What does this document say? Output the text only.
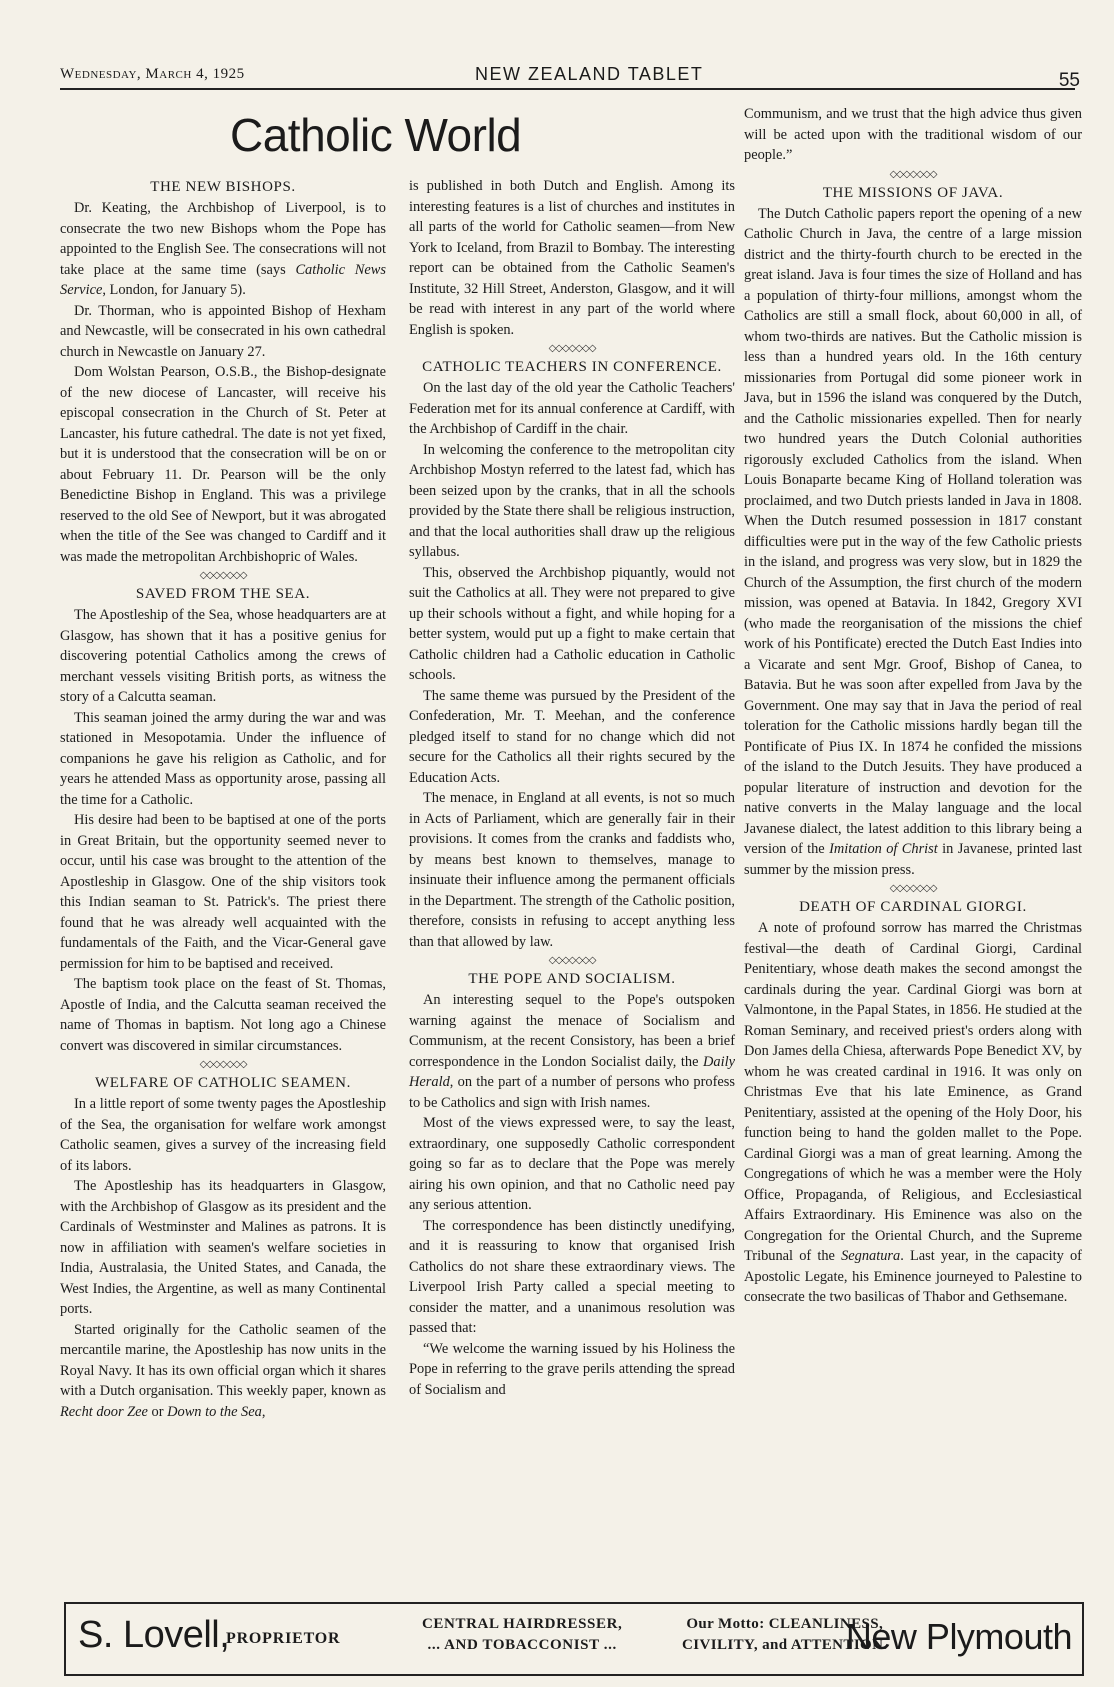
Wednesday, March 4, 1925	NEW ZEALAND TABLET	55
Catholic World
THE NEW BISHOPS.

Dr. Keating, the Archbishop of Liverpool, is to consecrate the two new Bishops whom the Pope has appointed to the English See. The consecrations will not take place at the same time (says Catholic News Service, London, for January 5).

Dr. Thorman, who is appointed Bishop of Hexham and Newcastle, will be consecrated in his own cathedral church in Newcastle on January 27.

Dom Wolstan Pearson, O.S.B., the Bishop-designate of the new diocese of Lancaster, will receive his episcopal consecration in the Church of St. Peter at Lancaster, his future cathedral. The date is not yet fixed, but it is understood that the consecration will be on or about February 11. Dr. Pearson will be the only Benedictine Bishop in England. This was a privilege reserved to the old See of Newport, but it was abrogated when the title of the See was changed to Cardiff and it was made the metropolitan Archbishopric of Wales.

◇◇◇◇◇◇◇
SAVED FROM THE SEA.

The Apostleship of the Sea, whose headquarters are at Glasgow, has shown that it has a positive genius for discovering potential Catholics among the crews of merchant vessels visiting British ports, as witness the story of a Calcutta seaman.

This seaman joined the army during the war and was stationed in Mesopotamia. Under the influence of companions he gave his religion as Catholic, and for years he attended Mass as opportunity arose, passing all the time for a Catholic.

His desire had been to be baptised at one of the ports in Great Britain, but the opportunity seemed never to occur, until his case was brought to the attention of the Apostleship in Glasgow. One of the ship visitors took this Indian seaman to St. Patrick's. The priest there found that he was already well acquainted with the fundamentals of the Faith, and the Vicar-General gave permission for him to be baptised and received.

The baptism took place on the feast of St. Thomas, Apostle of India, and the Calcutta seaman received the name of Thomas in baptism. Not long ago a Chinese convert was discovered in similar circumstances.

◇◇◇◇◇◇◇
WELFARE OF CATHOLIC SEAMEN.

In a little report of some twenty pages the Apostleship of the Sea, the organisation for welfare work amongst Catholic seamen, gives a survey of the increasing field of its labors.

The Apostleship has its headquarters in Glasgow, with the Archbishop of Glasgow as its president and the Cardinals of Westminster and Malines as patrons. It is now in affiliation with seamen's welfare societies in India, Australasia, the United States, and Canada, the West Indies, the Argentine, as well as many Continental ports.

Started originally for the Catholic seamen of the mercantile marine, the Apostleship has now units in the Royal Navy. It has its own official organ which it shares with a Dutch organisation. This weekly paper, known as Recht door Zee or Down to the Sea,

is published in both Dutch and English. Among its interesting features is a list of churches and institutes in all parts of the world for Catholic seamen—from New York to Iceland, from Brazil to Bombay. The interesting report can be obtained from the Catholic Seamen's Institute, 32 Hill Street, Anderston, Glasgow, and it will be read with interest in any part of the world where English is spoken.

◇◇◇◇◇◇◇
CATHOLIC TEACHERS IN CONFERENCE.

On the last day of the old year the Catholic Teachers' Federation met for its annual conference at Cardiff, with the Archbishop of Cardiff in the chair.

In welcoming the conference to the metropolitan city Archbishop Mostyn referred to the latest fad, which has been seized upon by the cranks, that in all the schools provided by the State there shall be religious instruction, and that the local authorities shall draw up the religious syllabus.

This, observed the Archbishop piquantly, would not suit the Catholics at all. They were not prepared to give up their schools without a fight, and while hoping for a better system, would put up a fight to make certain that Catholic children had a Catholic education in Catholic schools.

The same theme was pursued by the President of the Confederation, Mr. T. Meehan, and the conference pledged itself to stand for no change which did not secure for the Catholics all their rights secured by the Education Acts.

The menace, in England at all events, is not so much in Acts of Parliament, which are generally fair in their provisions. It comes from the cranks and faddists who, by means best known to themselves, manage to insinuate their influence among the permanent officials in the Department. The strength of the Catholic position, therefore, consists in refusing to accept anything less than that allowed by law.

◇◇◇◇◇◇◇
THE POPE AND SOCIALISM.

An interesting sequel to the Pope's outspoken warning against the menace of Socialism and Communism, at the recent Consistory, has been a brief correspondence in the London Socialist daily, the Daily Herald, on the part of a number of persons who profess to be Catholics and sign with Irish names.

Most of the views expressed were, to say the least, extraordinary, one supposedly Catholic correspondent going so far as to declare that the Pope was merely airing his own opinion, and that no Catholic need pay any serious attention.

The correspondence has been distinctly unedifying, and it is reassuring to know that organised Irish Catholics do not share these extraordinary views. The Liverpool Irish Party called a special meeting to consider the matter, and a unanimous resolution was passed that:

“We welcome the warning issued by his Holiness the Pope in referring to the grave perils attending the spread of Socialism and

Communism, and we trust that the high advice thus given will be acted upon with the traditional wisdom of our people.”

◇◇◇◇◇◇◇
THE MISSIONS OF JAVA.

The Dutch Catholic papers report the opening of a new Catholic Church in Java, the centre of a large mission district and the thirty-fourth church to be erected in the great island. Java is four times the size of Holland and has a population of thirty-four millions, amongst whom the Catholics are still a small flock, about 60,000 in all, of whom two-thirds are natives. But the Catholic mission is less than a hundred years old. In the 16th century missionaries from Portugal did some pioneer work in Java, but in 1596 the island was conquered by the Dutch, and the Catholic missionaries expelled. Then for nearly two hundred years the Dutch Colonial authorities rigorously excluded Catholics from the island. When Louis Bonaparte became King of Holland toleration was proclaimed, and two Dutch priests landed in Java in 1808. When the Dutch resumed possession in 1817 constant difficulties were put in the way of the few Catholic priests in the island, and progress was very slow, but in 1829 the Church of the Assumption, the first church of the modern mission, was opened at Batavia. In 1842, Gregory XVI (who made the reorganisation of the missions the chief work of his Pontificate) erected the Dutch East Indies into a Vicarate and sent Mgr. Groof, Bishop of Canea, to Batavia. But he was soon after expelled from Java by the Government. One may say that in Java the period of real toleration for the Catholic missions hardly began till the Pontificate of Pius IX. In 1874 he confided the missions of the island to the Dutch Jesuits. They have produced a popular literature of instruction and devotion for the native converts in the Malay language and the local Javanese dialect, the latest addition to this library being a version of the Imitation of Christ in Javanese, printed last summer by the mission press.

◇◇◇◇◇◇◇
DEATH OF CARDINAL GIORGI.

A note of profound sorrow has marred the Christmas festival—the death of Cardinal Giorgi, Cardinal Penitentiary, whose death makes the second amongst the cardinals during the year. Cardinal Giorgi was born at Valmontone, in the Papal States, in 1856. He studied at the Roman Seminary, and received priest's orders along with Don James della Chiesa, afterwards Pope Benedict XV, by whom he was created cardinal in 1916. It was only on Christmas Eve that his late Eminence, as Grand Penitentiary, assisted at the opening of the Holy Door, his function being to hand the golden mallet to the Pope. Cardinal Giorgi was a man of great learning. Among the Congregations of which he was a member were the Holy Office, Propaganda, of Religious, and Ecclesiastical Affairs Extraordinary. His Eminence was also on the Congregation for the Oriental Church, and the Supreme Tribunal of the Segnatura. Last year, in the capacity of Apostolic Legate, his Eminence journeyed to Palestine to consecrate the two basilicas of Thabor and Gethsemane.

S. Lovell,
PROPRIETOR
CENTRAL HAIRDRESSER,
... AND TOBACCONIST ...
Our Motto: CLEANLINESS,
CIVILITY, and ATTENTION.
New Plymouth
